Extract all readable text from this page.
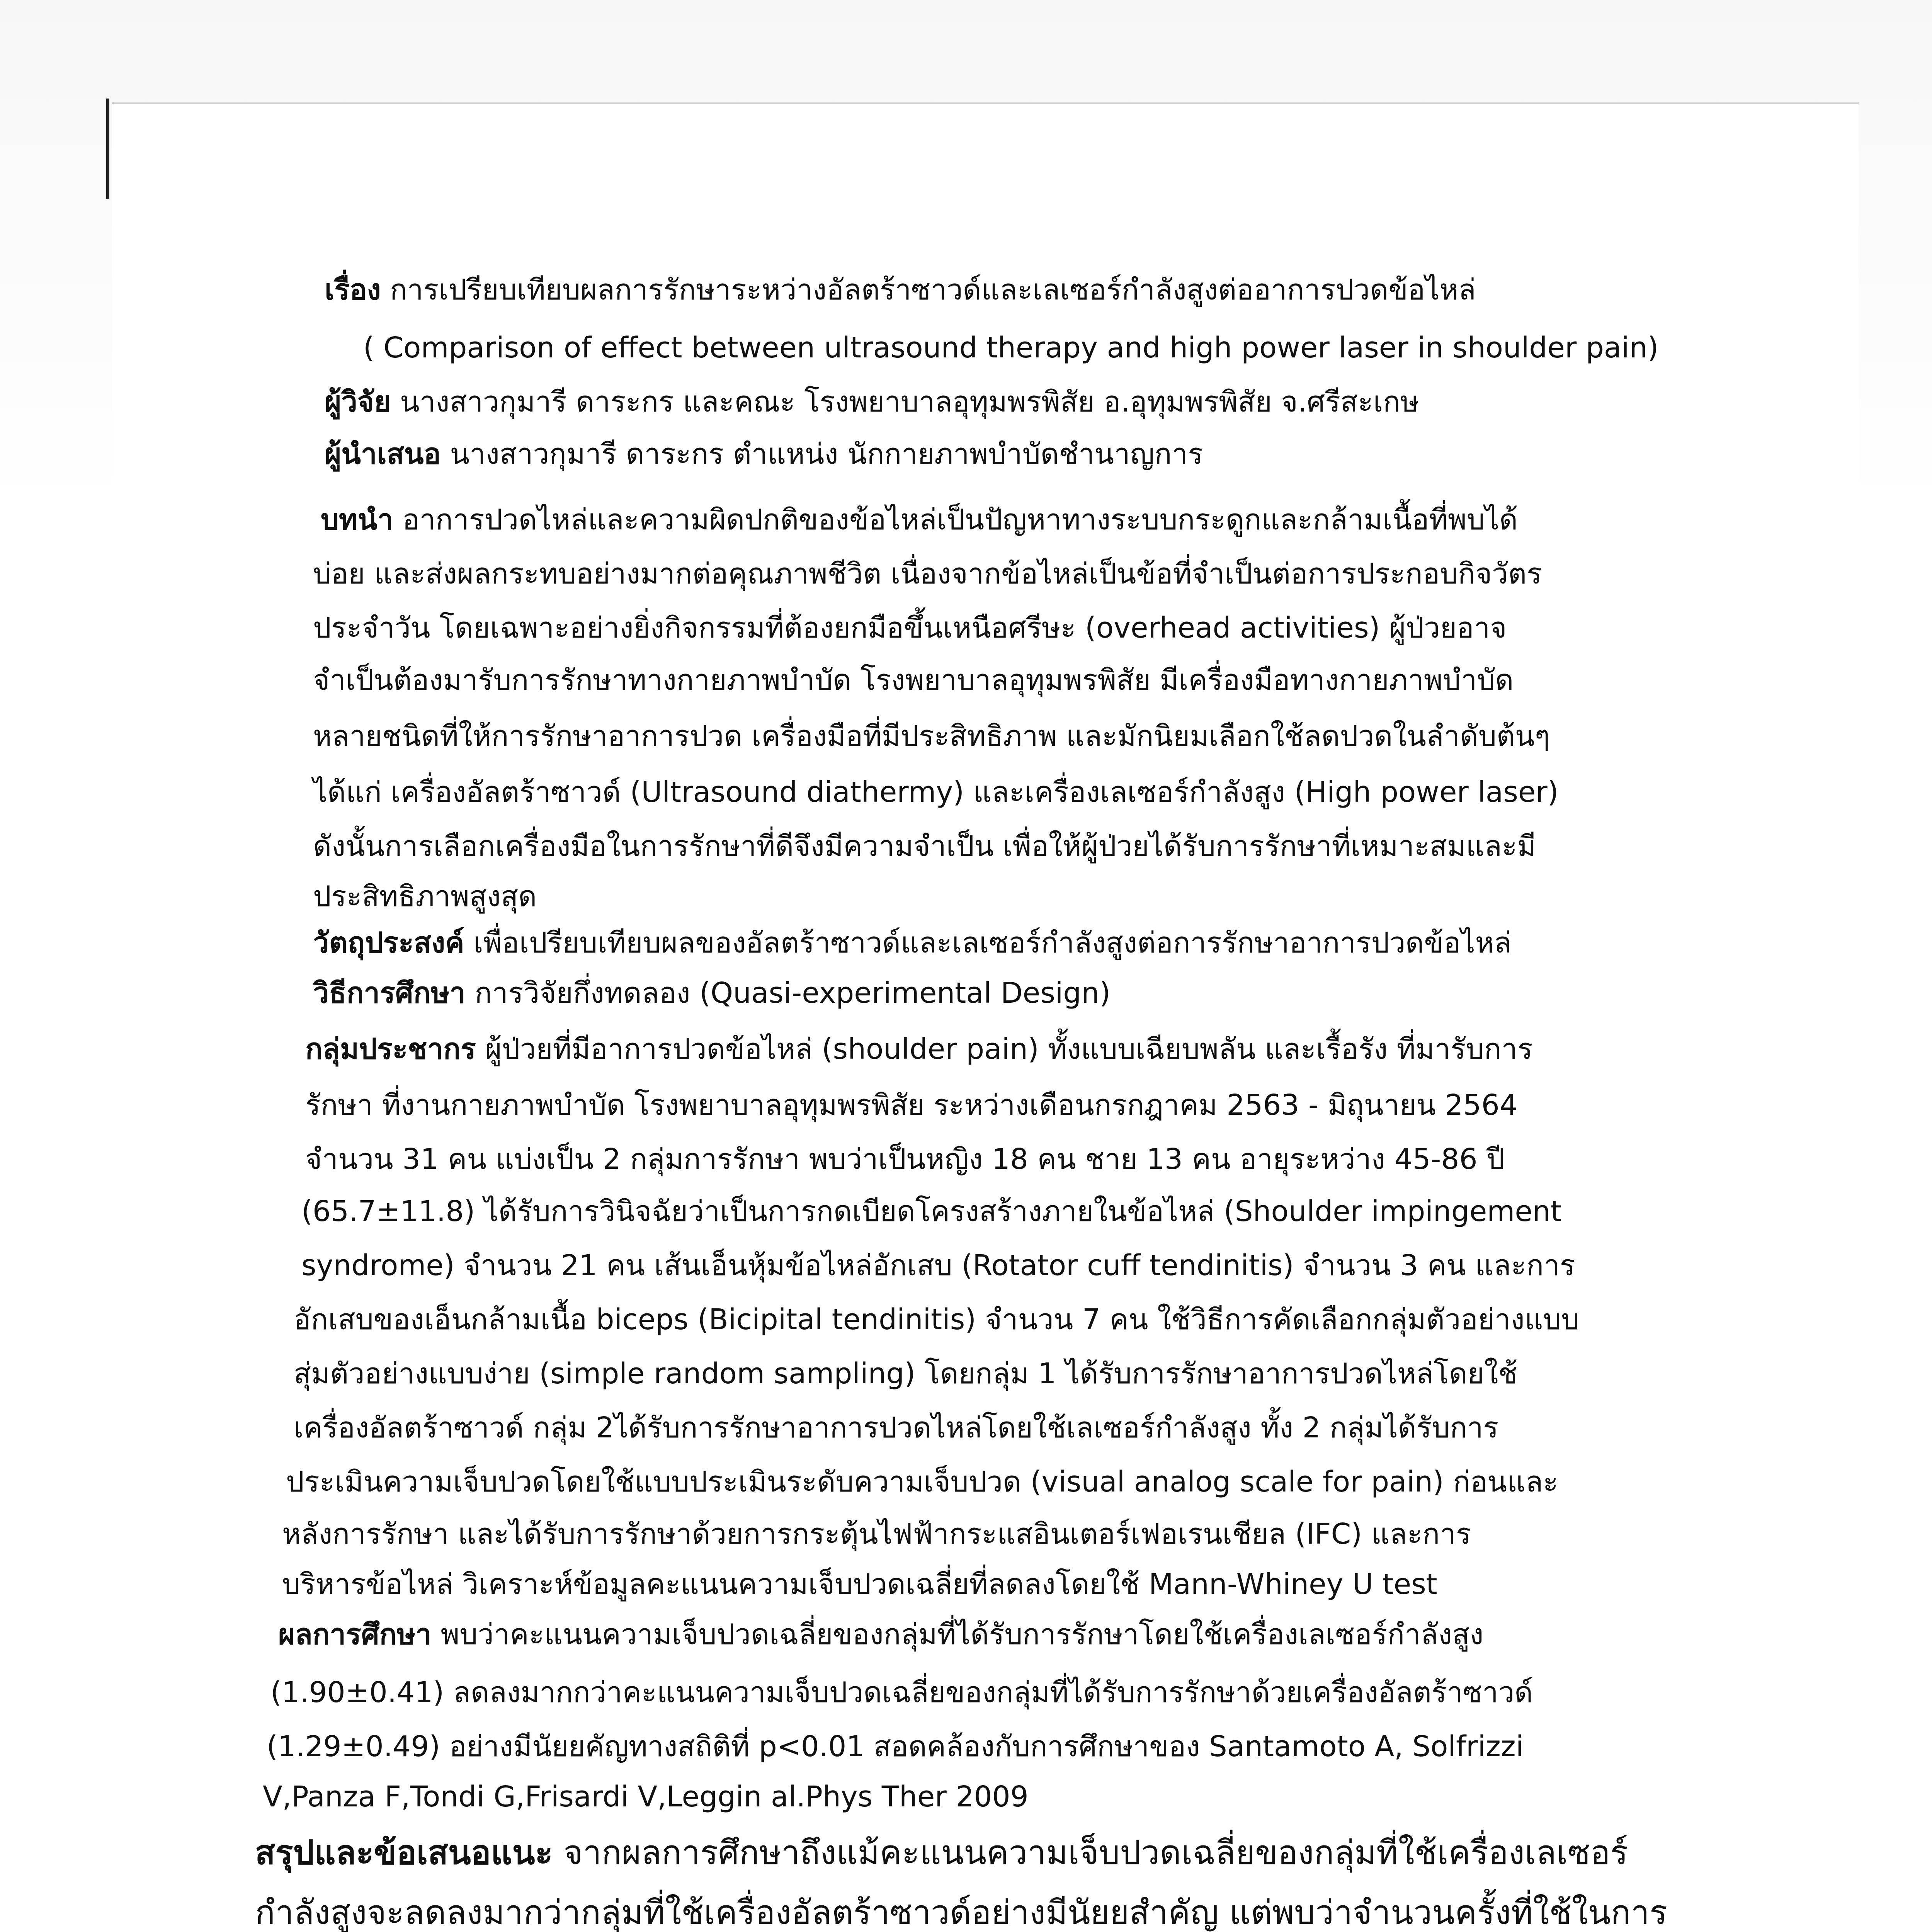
เรื่อง การเปรียบเทียบผลการรักษาระหว่างอัลตร้าซาวด์และเลเซอร์กำลังสูงต่ออาการปวดข้อไหล่
( Comparison of effect between ultrasound therapy and high power laser in shoulder pain)
ผู้วิจัย นางสาวกุมารี ดาระกร และคณะ โรงพยาบาลอุทุมพรพิสัย อ.อุทุมพรพิสัย จ.ศรีสะเกษ
ผู้นำเสนอ นางสาวกุมารี ดาระกร ตำแหน่ง นักกายภาพบำบัดชำนาญการ
บทนำ อาการปวดไหล่และความผิดปกติของข้อไหล่เป็นปัญหาทางระบบกระดูกและกล้ามเนื้อที่พบได้
บ่อย และส่งผลกระทบอย่างมากต่อคุณภาพชีวิต เนื่องจากข้อไหล่เป็นข้อที่จำเป็นต่อการประกอบกิจวัตร
ประจำวัน โดยเฉพาะอย่างยิ่งกิจกรรมที่ต้องยกมือขึ้นเหนือศรีษะ (overhead activities) ผู้ป่วยอาจ
จำเป็นต้องมารับการรักษาทางกายภาพบำบัด โรงพยาบาลอุทุมพรพิสัย มีเครื่องมือทางกายภาพบำบัด
หลายชนิดที่ให้การรักษาอาการปวด เครื่องมือที่มีประสิทธิภาพ และมักนิยมเลือกใช้ลดปวดในลำดับต้นๆ
ได้แก่ เครื่องอัลตร้าซาวด์ (Ultrasound diathermy) และเครื่องเลเซอร์กำลังสูง (High power laser)
ดังนั้นการเลือกเครื่องมือในการรักษาที่ดีจึงมีความจำเป็น เพื่อให้ผู้ป่วยได้รับการรักษาที่เหมาะสมและมี
ประสิทธิภาพสูงสุด
วัตถุประสงค์ เพื่อเปรียบเทียบผลของอัลตร้าซาวด์และเลเซอร์กำลังสูงต่อการรักษาอาการปวดข้อไหล่
วิธีการศึกษา การวิจัยกึ่งทดลอง (Quasi-experimental Design)
กลุ่มประชากร ผู้ป่วยที่มีอาการปวดข้อไหล่ (shoulder pain) ทั้งแบบเฉียบพลัน และเรื้อรัง ที่มารับการ
รักษา ที่งานกายภาพบำบัด โรงพยาบาลอุทุมพรพิสัย ระหว่างเดือนกรกฎาคม 2563 - มิถุนายน 2564
จำนวน 31 คน แบ่งเป็น 2 กลุ่มการรักษา พบว่าเป็นหญิง 18 คน ชาย 13 คน อายุระหว่าง 45-86 ปี
(65.7±11.8) ได้รับการวินิจฉัยว่าเป็นการกดเบียดโครงสร้างภายในข้อไหล่ (Shoulder impingement
syndrome) จำนวน 21 คน เส้นเอ็นหุ้มข้อไหล่อักเสบ (Rotator cuff tendinitis) จำนวน 3 คน และการ
อักเสบของเอ็นกล้ามเนื้อ biceps (Bicipital tendinitis) จำนวน 7 คน ใช้วิธีการคัดเลือกกลุ่มตัวอย่างแบบ
สุ่มตัวอย่างแบบง่าย (simple random sampling) โดยกลุ่ม 1 ได้รับการรักษาอาการปวดไหล่โดยใช้
เครื่องอัลตร้าซาวด์ กลุ่ม 2ได้รับการรักษาอาการปวดไหล่โดยใช้เลเซอร์กำลังสูง ทั้ง 2 กลุ่มได้รับการ
ประเมินความเจ็บปวดโดยใช้แบบประเมินระดับความเจ็บปวด (visual analog scale for pain) ก่อนและ
หลังการรักษา และได้รับการรักษาด้วยการกระตุ้นไฟฟ้ากระแสอินเตอร์เฟอเรนเชียล (IFC) และการ
บริหารข้อไหล่ วิเคราะห์ข้อมูลคะแนนความเจ็บปวดเฉลี่ยที่ลดลงโดยใช้ Mann-Whiney U test
ผลการศึกษา พบว่าคะแนนความเจ็บปวดเฉลี่ยของกลุ่มที่ได้รับการรักษาโดยใช้เครื่องเลเซอร์กำลังสูง
(1.90±0.41) ลดลงมากกว่าคะแนนความเจ็บปวดเฉลี่ยของกลุ่มที่ได้รับการรักษาด้วยเครื่องอัลตร้าซาวด์
(1.29±0.49) อย่างมีนัยยคัญทางสถิติที่ p<0.01 สอดคล้องกับการศึกษาของ Santamoto A, Solfrizzi
V,Panza F,Tondi G,Frisardi V,Leggin al.Phys Ther 2009
สรุปและข้อเสนอแนะ จากผลการศึกษาถึงแม้คะแนนความเจ็บปวดเฉลี่ยของกลุ่มที่ใช้เครื่องเลเซอร์
กำลังสูงจะลดลงมากว่ากลุ่มที่ใช้เครื่องอัลตร้าซาวด์อย่างมีนัยยสำคัญ แต่พบว่าจำนวนครั้งที่ใช้ในการ
